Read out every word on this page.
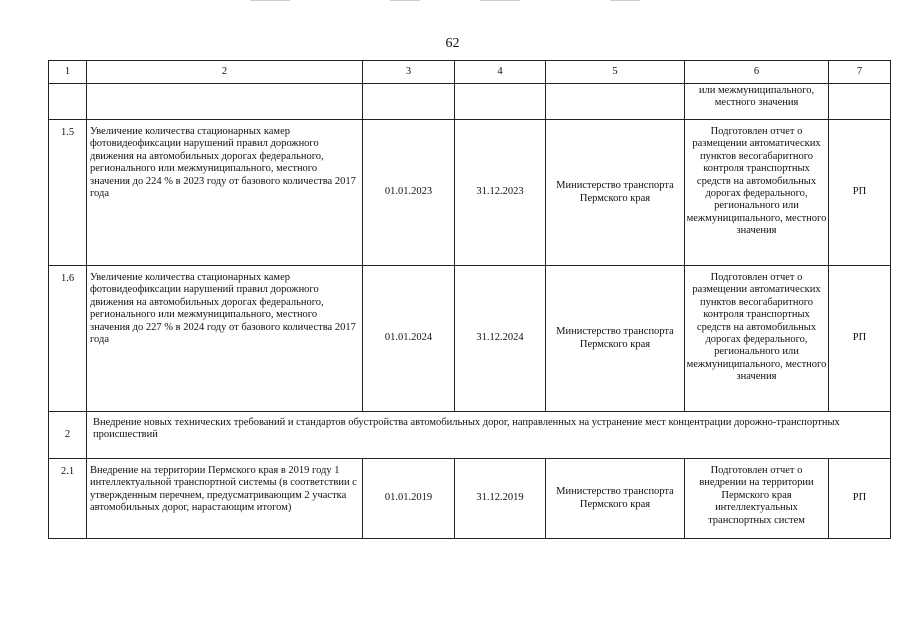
62
1	2	3	4	5	6	7
					или межмуниципального, местного значения	
1.5	Увеличение количества стационарных камер фотовидеофиксации нарушений правил дорожного движения на автомобильных дорогах федерального, регионального или межмуниципального, местного значения до 224 % в 2023 году от базового количества 2017 года	01.01.2023	31.12.2023	Министерство транспорта Пермского края	Подготовлен отчет о размещении автоматических пунктов весогабаритного контроля транспортных средств на автомобильных дорогах федерального, регионального или межмуниципального, местного значения	РП
1.6	Увеличение количества стационарных камер фотовидеофиксации нарушений правил дорожного движения на автомобильных дорогах федерального, регионального или межмуниципального, местного значения до 227 % в 2024 году от базового количества 2017 года	01.01.2024	31.12.2024	Министерство транспорта Пермского края	Подготовлен отчет о размещении автоматических пунктов весогабаритного контроля транспортных средств на автомобильных дорогах федерального, регионального или межмуниципального, местного значения	РП
2	Внедрение новых технических требований и стандартов обустройства автомобильных дорог, направленных на устранение мест концентрации дорожно-транспортных происшествий					
2.1	Внедрение на территории Пермского края в 2019 году 1 интеллектуальной транспортной системы (в соответствии с утвержденным перечнем, предусматривающим 2 участка автомобильных дорог, нарастающим итогом)	01.01.2019	31.12.2019	Министерство транспорта Пермского края	Подготовлен отчет о внедрении на территории Пермского края интеллектуальных транспортных систем	РП
